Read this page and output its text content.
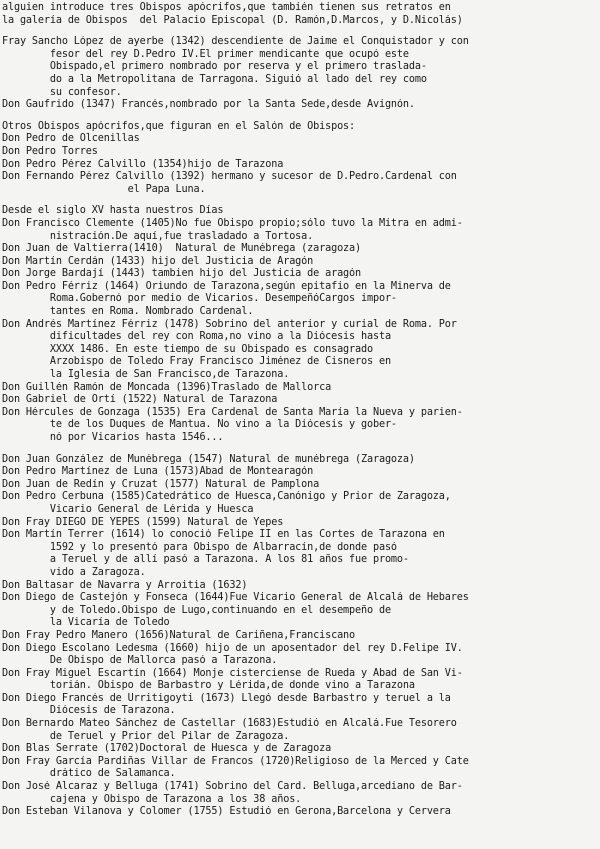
alguien introduce tres Obispos apócrifos,que también tienen sus retratos en
la galería de Obispos  del Palacio Episcopal (D. Ramón,D.Marcos, y D.Nicolás)
Fray Sancho López de ayerbe (1342) descendiente de Jaime el Conquistador y con
fesor del rey D.Pedro IV.El primer mendicante que ocupó este
Obispado,el primero nombrado por reserva y el primero traslada-
do a la Metropolitana de Tarragona. Siguió al lado del rey como
su confesor.
Don Gaufrido (1347) Francés,nombrado por la Santa Sede,desde Avignón.
Otros Obispos apócrifos,que figuran en el Salón de Obispos:
Don Pedro de Olcenillas
Don Pedro Torres
Don Pedro Pérez Calvillo (1354)hijo de Tarazona
Don Fernando Pérez Calvillo (1392) hermano y sucesor de D.Pedro.Cardenal con
el Papa Luna.
Desde el siglo XV hasta nuestros Días
Don Francisco Clemente (1405)No fue Obispo propio;sólo tuvo la Mitra en admi-
nistración.De aquí,fue trasladado a Tortosa.
Don Juan de Valtierra(1410)  Natural de Munébrega (zaragoza)
Don Martín Cerdán (1433) hijo del Justicia de Aragón
Don Jorge Bardají (1443) tambien hijo del Justicia de aragón
Don Pedro Férriz (1464) Oriundo de Tarazona,según epitafio en la Minerva de
Roma.Gobernó por medio de Vicarios. DesempeñóCargos impor-
tantes en Roma. Nombrado Cardenal.
Don Andrés Martínez Férriz (1478) Sobrino del anterior y curial de Roma. Por
dificultades del rey con Roma,no vino a la Diócesis hasta
XXXX 1486. En este tiempo de su Obispado es consagrado
Arzobispo de Toledo Fray Francisco Jiménez de Cisneros en
la Iglesia de San Francisco,de Tarazona.
Don Guillén Ramón de Moncada (1396)Traslado de Mallorca
Don Gabriel de Ortí (1522) Natural de Tarazona
Don Hércules de Gonzaga (1535) Era Cardenal de Santa María la Nueva y parien-
te de los Duques de Mantua. No vino a la Diócesis y gober-
nó por Vicarios hasta 1546...
Don Juan González de Munébrega (1547) Natural de munébrega (Zaragoza)
Don Pedro Martínez de Luna (1573)Abad de Montearagón
Don Juan de Redín y Cruzat (1577) Natural de Pamplona
Don Pedro Cerbuna (1585)Catedrático de Huesca,Canónigo y Prior de Zaragoza,
Vicario General de Lérida y Huesca
Don Fray DIEGO DE YEPES (1599) Natural de Yepes
Don Martín Terrer (1614) lo conoció Felipe II en las Cortes de Tarazona en
1592 y lo presentó para Obispo de Albarracín,de donde pasó
a Teruel y de allí pasó a Tarazona. A los 81 años fue promo-
vido a Zaragoza.
Don Baltasar de Navarra y Arroitia (1632)
Don Diego de Castejón y Fonseca (1644)Fue Vicario General de Alcalá de Hebares
y de Toledo.Obispo de Lugo,continuando en el desempeño de
la Vicaría de Toledo
Don Fray Pedro Manero (1656)Natural de Cariñena,Franciscano
Don Diego Escolano Ledesma (1660) hijo de un aposentador del rey D.Felipe IV.
De Obispo de Mallorca pasó a Tarazona.
Don Fray Miguel Escartín (1664) Monje cisterciense de Rueda y Abad de San Vi-
torián. Obispo de Barbastro y Lérida,de donde vino a Tarazona
Don Diego Francés de Urritigoyti (1673) Llegó desde Barbastro y teruel a la
Diócesis de Tarazona.
Don Bernardo Mateo Sánchez de Castellar (1683)Estudió en Alcalá.Fue Tesorero
de Teruel y Prior del Pilar de Zaragoza.
Don Blas Serrate (1702)Doctoral de Huesca y de Zaragoza
Don Fray García Pardiñas Villar de Francos (1720)Religioso de la Merced y Cate
drático de Salamanca.
Don José Alcaraz y Belluga (1741) Sobrino del Card. Belluga,arcediano de Bar-
cajena y Obispo de Tarazona a los 38 años.
Don Esteban Vilanova y Colomer (1755) Estudió en Gerona,Barcelona y Cervera
